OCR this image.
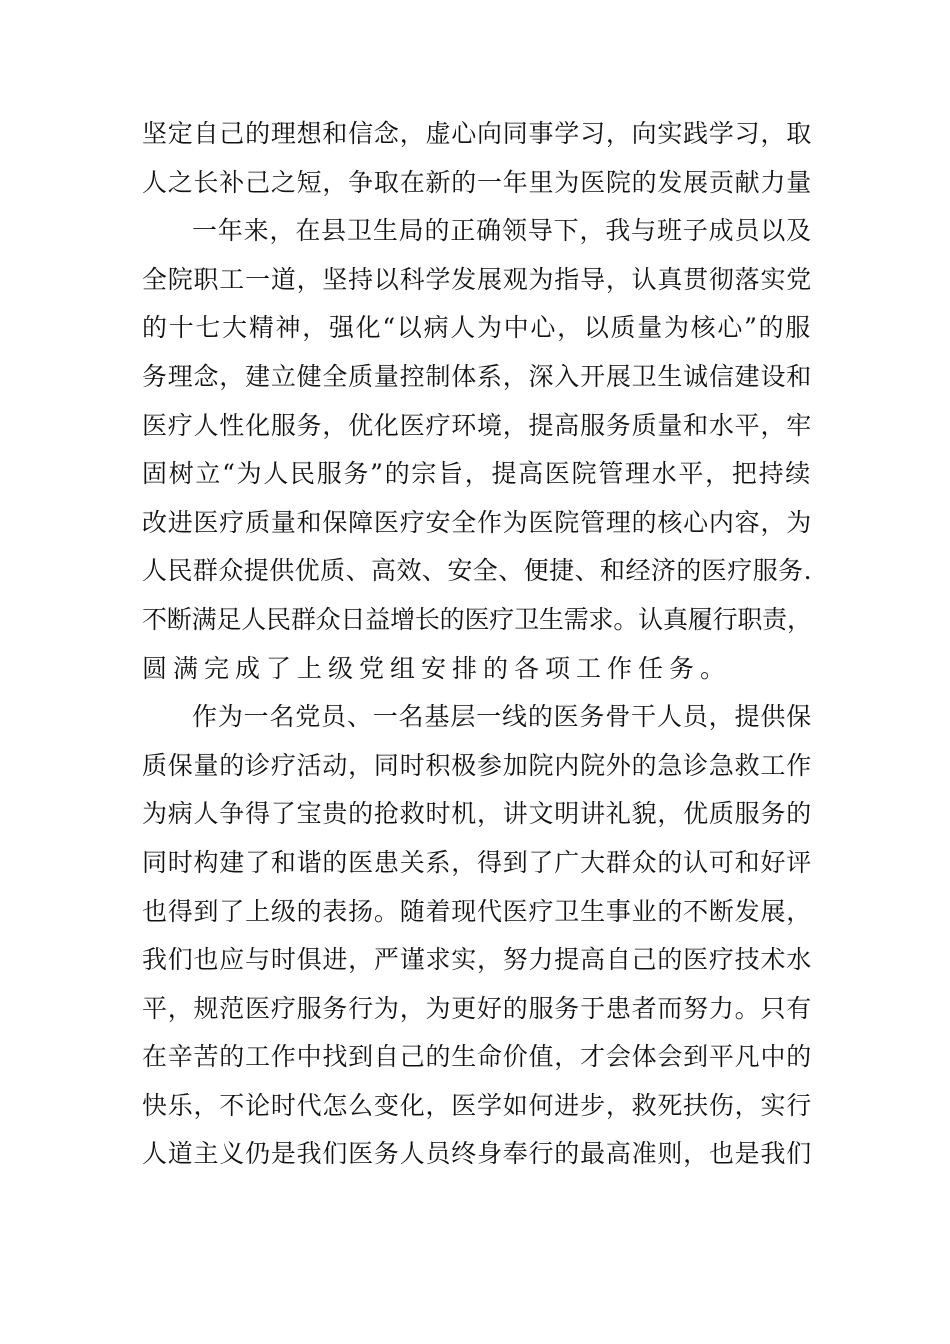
坚定自己的理想和信念，虚心向同事学习，向实践学习，取
人之长补己之短，争取在新的一年里为医院的发展贡献力量
一年来，在县卫生局的正确领导下，我与班子成员以及
全院职工一道，坚持以科学发展观为指导，认真贯彻落实党
的十七大精神，强化“以病人为中心，以质量为核心”的服
务理念，建立健全质量控制体系，深入开展卫生诚信建设和
医疗人性化服务，优化医疗环境，提高服务质量和水平，牢
固树立“为人民服务”的宗旨，提高医院管理水平，把持续
改进医疗质量和保障医疗安全作为医院管理的核心内容，为
人民群众提供优质、高效、安全、便捷、和经济的医疗服务.
不断满足人民群众日益增长的医疗卫生需求。认真履行职责，
圆满完成了上级党组安排的各项工作任务。
作为一名党员、一名基层一线的医务骨干人员，提供保
质保量的诊疗活动，同时积极参加院内院外的急诊急救工作
为病人争得了宝贵的抢救时机，讲文明讲礼貌，优质服务的
同时构建了和谐的医患关系，得到了广大群众的认可和好评
也得到了上级的表扬。随着现代医疗卫生事业的不断发展，
我们也应与时俱进，严谨求实，努力提高自己的医疗技术水
平，规范医疗服务行为，为更好的服务于患者而努力。只有
在辛苦的工作中找到自己的生命价值，才会体会到平凡中的
快乐，不论时代怎么变化，医学如何进步，救死扶伤，实行
人道主义仍是我们医务人员终身奉行的最高准则，也是我们
